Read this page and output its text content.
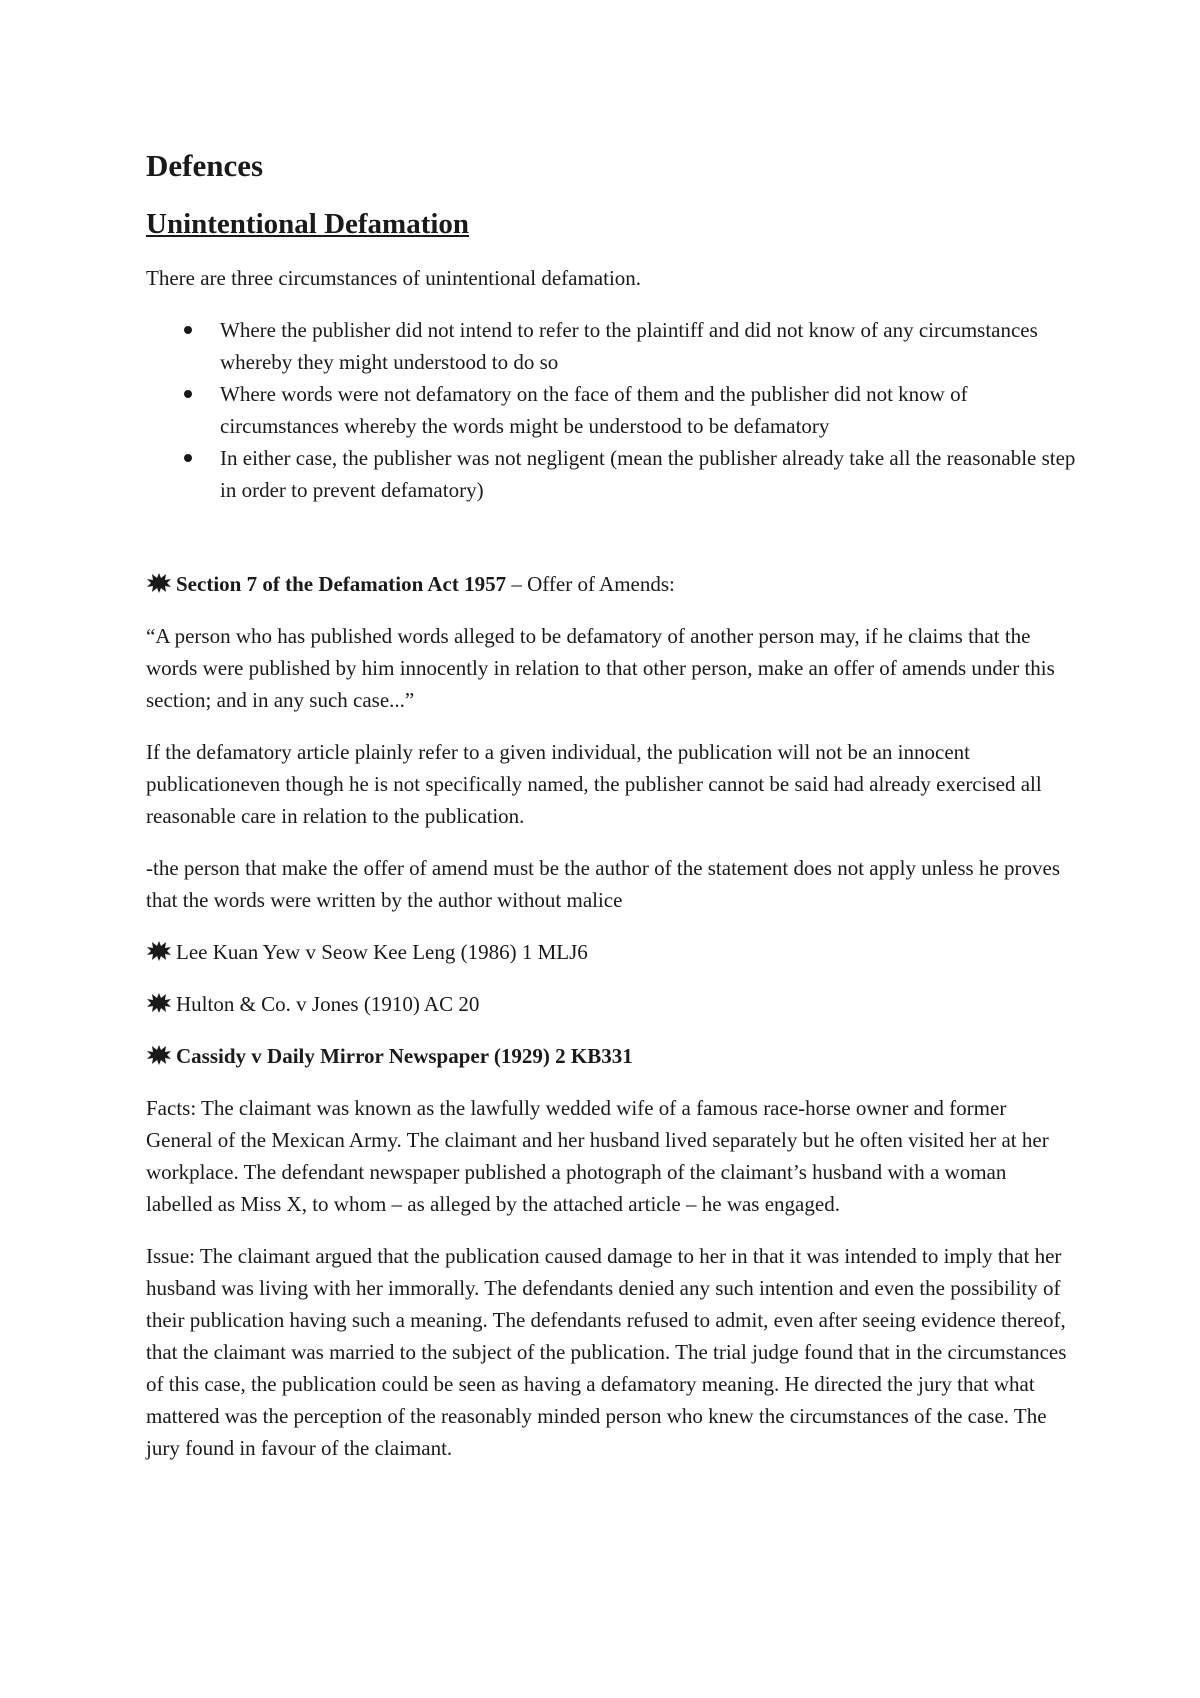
Defences
Unintentional Defamation

There are three circumstances of unintentional defamation.

Where the publisher did not intend to refer to the plaintiff and did not know of any circumstances whereby they might understood to do so
Where words were not defamatory on the face of them and the publisher did not know of circumstances whereby the words might be understood to be defamatory
In either case, the publisher was not negligent (mean the publisher already take all the reasonable step in order to prevent defamatory)

Section 7 of the Defamation Act 1957 – Offer of Amends:

“A person who has published words alleged to be defamatory of another person may, if he claims that the words were published by him innocently in relation to that other person, make an offer of amends under this section; and in any such case...”

If the defamatory article plainly refer to a given individual, the publication will not be an innocent publicationeven though he is not specifically named, the publisher cannot be said had already exercised all reasonable care in relation to the publication.

-the person that make the offer of amend must be the author of the statement does not apply unless he proves that the words were written by the author without malice

Lee Kuan Yew v Seow Kee Leng (1986) 1 MLJ6

Hulton & Co. v Jones (1910) AC 20

Cassidy v Daily Mirror Newspaper (1929) 2 KB331

Facts: The claimant was known as the lawfully wedded wife of a famous race-horse owner and former General of the Mexican Army. The claimant and her husband lived separately but he often visited her at her workplace. The defendant newspaper published a photograph of the claimant’s husband with a woman labelled as Miss X, to whom – as alleged by the attached article – he was engaged.

Issue: The claimant argued that the publication caused damage to her in that it was intended to imply that her husband was living with her immorally. The defendants denied any such intention and even the possibility of their publication having such a meaning. The defendants refused to admit, even after seeing evidence thereof, that the claimant was married to the subject of the publication. The trial judge found that in the circumstances of this case, the publication could be seen as having a defamatory meaning. He directed the jury that what mattered was the perception of the reasonably minded person who knew the circumstances of the case. The jury found in favour of the claimant.
